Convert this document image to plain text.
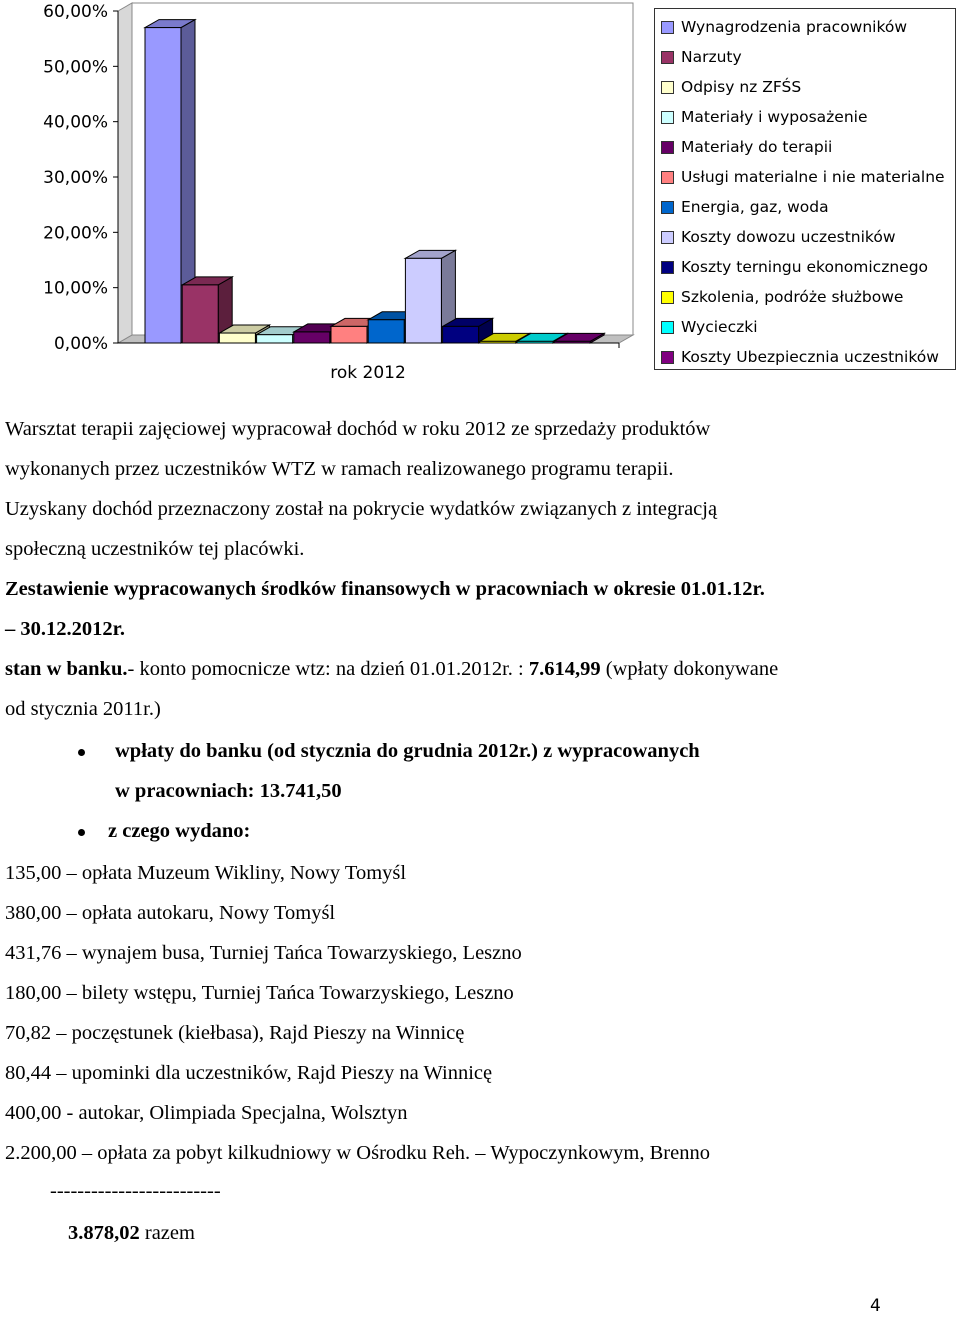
60,00%
50,00%
40,00%
30,00%
20,00%
10,00%
0,00%
rok 2012
Wynagrodzenia pracowników
Narzuty
Odpisy nz ZFŚS
Materiały i wyposażenie
Materiały do terapii
Usługi materialne i nie materialne
Energia, gaz, woda
Koszty dowozu uczestników
Koszty terningu ekonomicznego
Szkolenia, podróże służbowe
Wycieczki
Koszty Ubezpiecznia uczestników
Warsztat terapii zajęciowej wypracował dochód w roku 2012 ze sprzedaży produktów
wykonanych przez uczestników WTZ w ramach realizowanego programu terapii.
Uzyskany dochód przeznaczony został na pokrycie wydatków związanych z integracją
społeczną uczestników tej placówki.
Zestawienie wypracowanych środków finansowych w pracowniach w okresie 01.01.12r.
– 30.12.2012r.
stan w banku.- konto pomocnicze wtz: na dzień 01.01.2012r. : 7.614,99 (wpłaty dokonywane
od stycznia 2011r.)
wpłaty do banku (od stycznia do grudnia 2012r.) z wypracowanych
w pracowniach: 13.741,50
z czego wydano:
135,00 – opłata Muzeum Wikliny, Nowy Tomyśl
380,00 – opłata autokaru, Nowy Tomyśl
431,76 – wynajem busa, Turniej Tańca Towarzyskiego, Leszno
180,00 – bilety wstępu, Turniej Tańca Towarzyskiego, Leszno
70,82 – poczęstunek (kiełbasa), Rajd Pieszy na Winnicę
80,44 – upominki dla uczestników, Rajd Pieszy na Winnicę
400,00 - autokar, Olimpiada Specjalna, Wolsztyn
2.200,00 – opłata za pobyt kilkudniowy w Ośrodku Reh. – Wypoczynkowym, Brenno
-------------------------
3.878,02 razem
4
